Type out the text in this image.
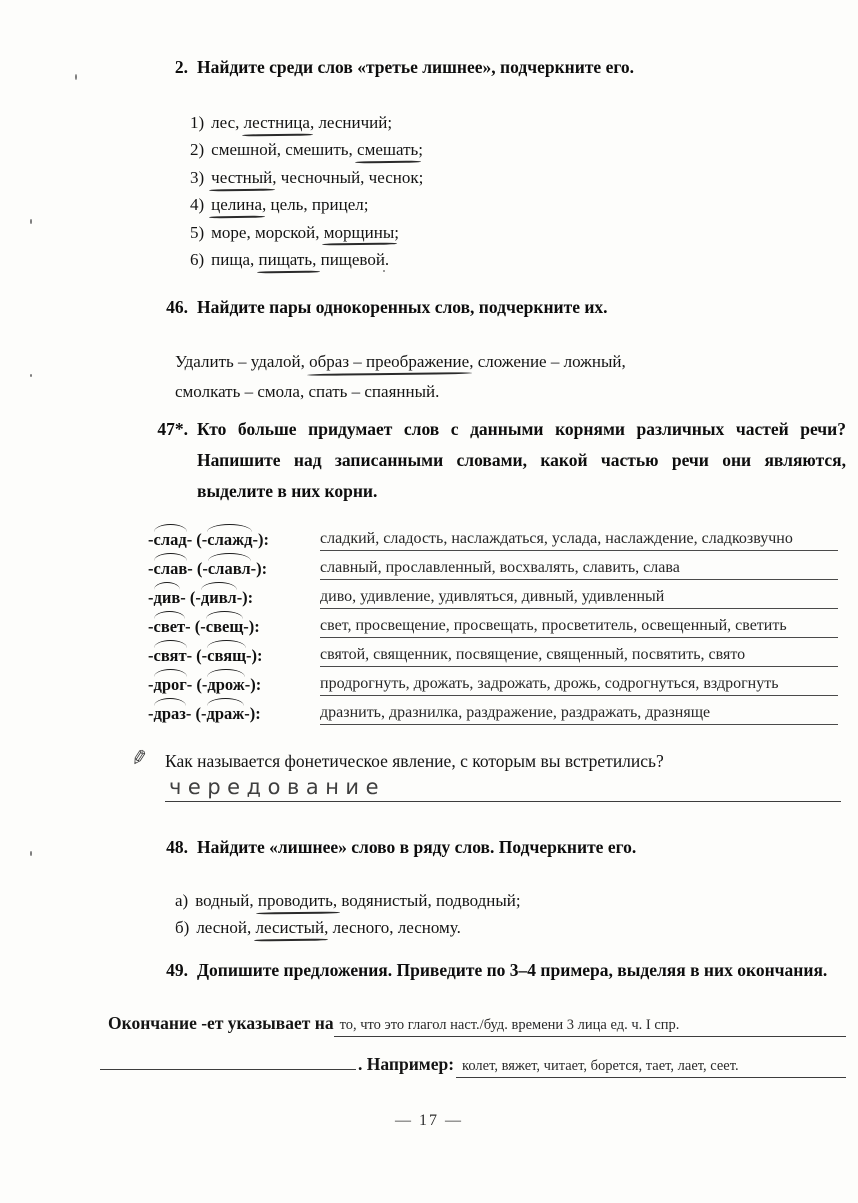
2. Найдите среди слов «третье лишнее», подчеркните его.
1) лес, лестница, лесничий;
2) смешной, смешить, смешать;
3) честный, чесночный, чеснок;
4) целина, цель, прицел;
5) море, морской, морщины;
6) пища, пищать, пищевой.
46. Найдите пары однокоренных слов, подчеркните их.
Удалить – удалой, образ – преображение, сложение – ложный,
смолкать – смола, спать – спаянный.
47*. Кто больше придумает слов с данными корнями различных частей речи? Напишите над записанными словами, какой частью речи они являются, выделите в них корни.
-слад- (-слажд-):	сладкий, сладость, наслаждаться, услада, наслаждение, сладкозвучно
-слав- (-славл-):	славный, прославленный, восхвалять, славить, слава
-див- (-дивл-):	диво, удивление, удивляться, дивный, удивленный
-свет- (-свещ-):	свет, просвещение, просвещать, просветитель, освещенный, светить
-свят- (-свящ-):	святой, священник, посвящение, священный, посвятить, свято
-дрог- (-дрож-):	продрогнуть, дрожать, задрожать, дрожь, содрогнуться, вздрогнуть
-драз- (-драж-):	дразнить, дразнилка, раздражение, раздражать, дразняще
✎ Как называется фонетическое явление, с которым вы встретились?
чередование
48. Найдите «лишнее» слово в ряду слов. Подчеркните его.
а) водный, проводить, водянистый, подводный;
б) лесной, лесистый, лесного, лесному.
49. Допишите предложения. Приведите по 3–4 примера, выделяя в них окончания.
Окончание -ет указывает на то, что это глагол наст./буд. времени 3 лица ед. ч. I спр.
. Например: колет, вяжет, читает, борется, тает, лает, сеет.
— 17 —
